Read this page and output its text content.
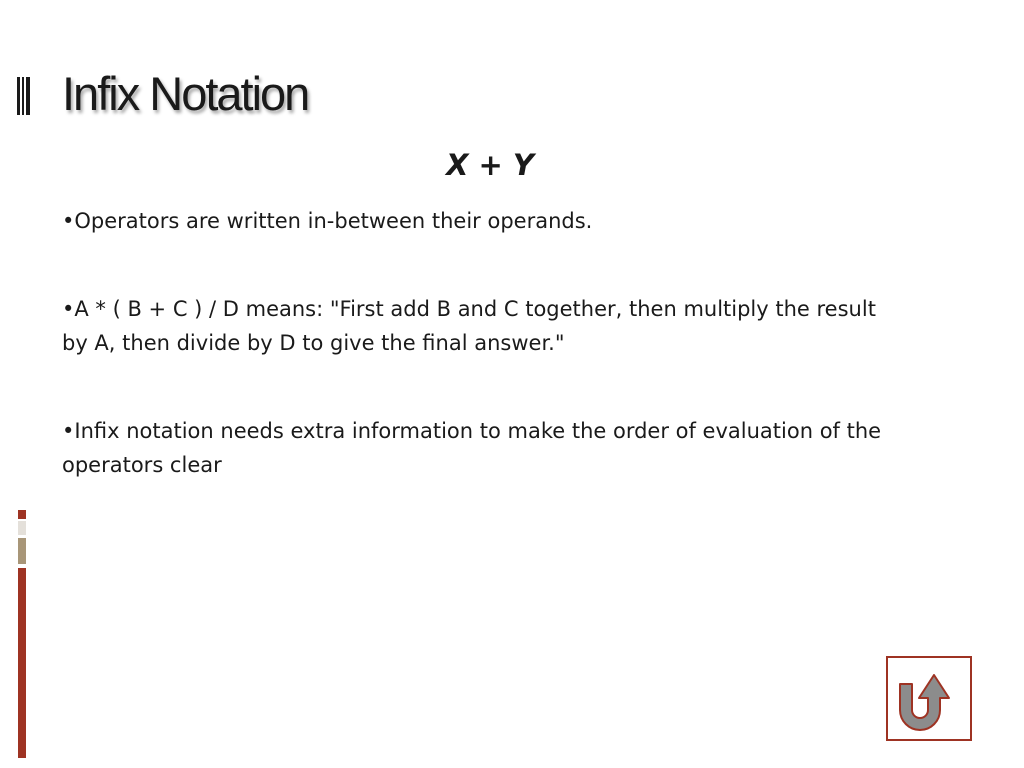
Infix Notation
X + Y

•Operators are written in-between their operands.

•A * ( B + C ) / D means: "First add B and C together, then multiply the result by A, then divide by D to give the final answer."

•Infix notation needs extra information to make the order of evaluation of the operators clear
